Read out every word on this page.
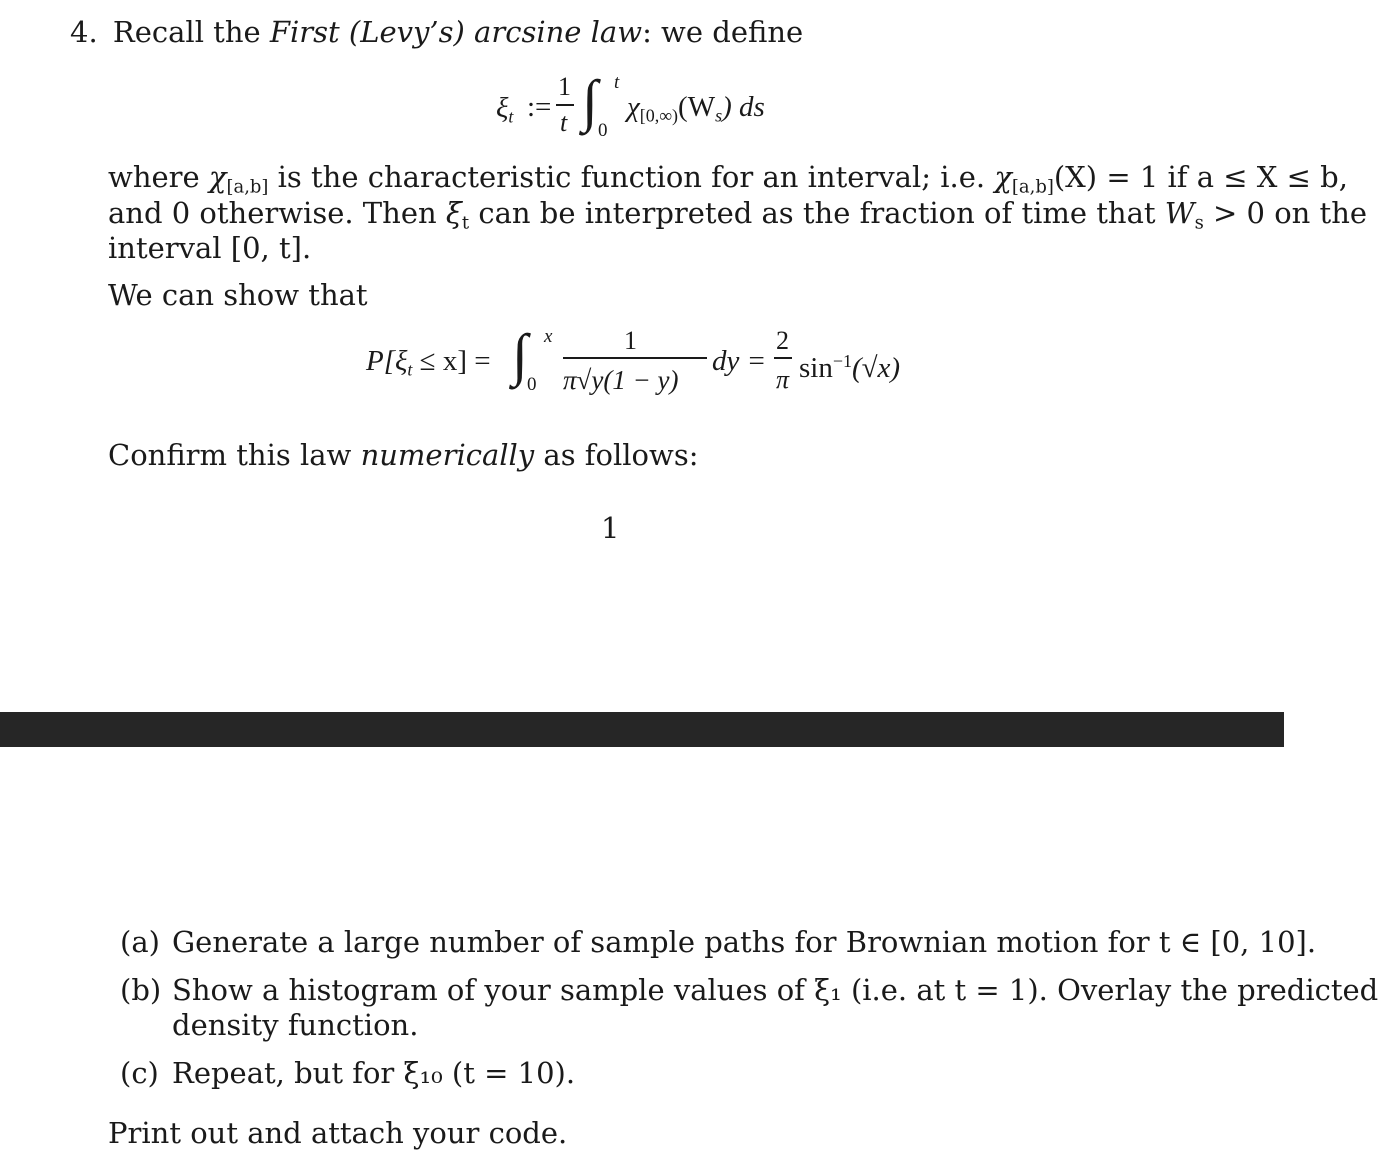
4. Recall the First (Levy’s) arcsine law: we define
$\xi_t$ :=
1
t ∫ t
0
$\chi_{[0,\infty)}(W_s)$ ds
where $\chi_{[a,b]}$ is the characteristic function for an interval; i.e. $\chi_{[a,b]}(X) = 1$ if a ≤ X ≤ b,
and 0 otherwise. Then $\xi_t$ can be interpreted as the fraction of time that $W_s > 0$ on the
interval [0, t].
We can show that
$P[\xi_t \le x]$ = ∫ x
0
1
π√y(1 − y)
dy =
2
π $\sin^{-1}(√x)$
Confirm this law numerically as follows:
1
(a) Generate a large number of sample paths for Brownian motion for t ∈ [0, 10].
(b) Show a histogram of your sample values of ξ₁ (i.e. at t = 1). Overlay the predicted
density function.
(c) Repeat, but for ξ₁₀ (t = 10).
Print out and attach your code.
